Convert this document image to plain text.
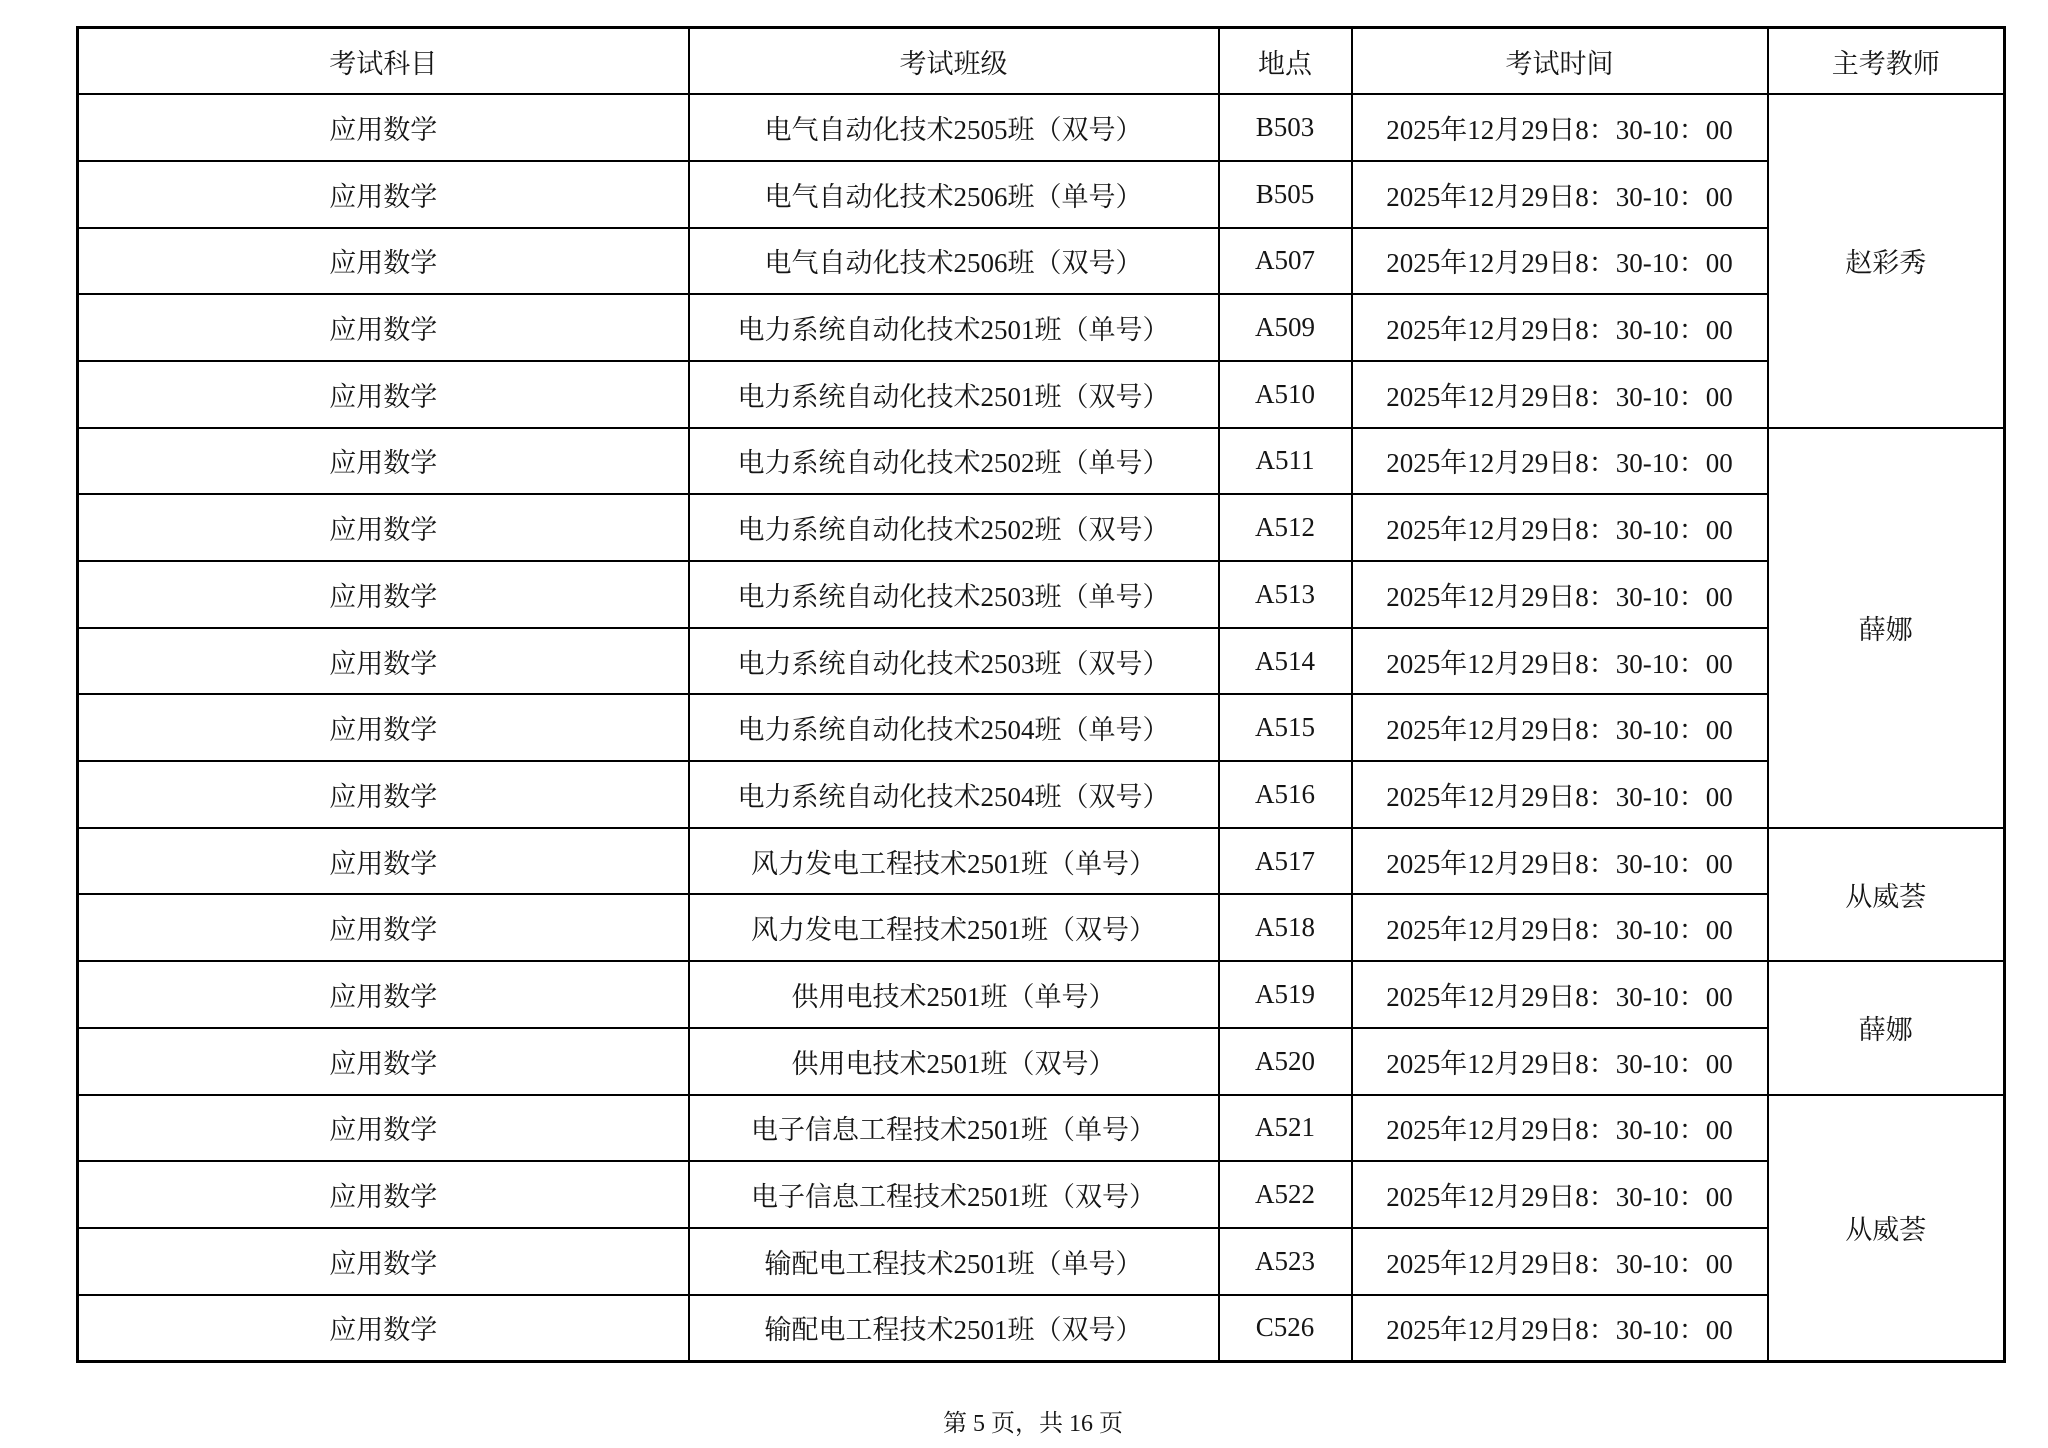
考试科目	考试班级	地点	考试时间	主考教师
应用数学	电气自动化技术2505班（双号）	B503	2025年12月29日8：30-10：00	赵彩秀
应用数学	电气自动化技术2506班（单号）	B505	2025年12月29日8：30-10：00	
应用数学	电气自动化技术2506班（双号）	A507	2025年12月29日8：30-10：00	
应用数学	电力系统自动化技术2501班（单号）	A509	2025年12月29日8：30-10：00	
应用数学	电力系统自动化技术2501班（双号）	A510	2025年12月29日8：30-10：00	
应用数学	电力系统自动化技术2502班（单号）	A511	2025年12月29日8：30-10：00	薛娜
应用数学	电力系统自动化技术2502班（双号）	A512	2025年12月29日8：30-10：00	
应用数学	电力系统自动化技术2503班（单号）	A513	2025年12月29日8：30-10：00	
应用数学	电力系统自动化技术2503班（双号）	A514	2025年12月29日8：30-10：00	
应用数学	电力系统自动化技术2504班（单号）	A515	2025年12月29日8：30-10：00	
应用数学	电力系统自动化技术2504班（双号）	A516	2025年12月29日8：30-10：00	
应用数学	风力发电工程技术2501班（单号）	A517	2025年12月29日8：30-10：00	从威荟
应用数学	风力发电工程技术2501班（双号）	A518	2025年12月29日8：30-10：00	
应用数学	供用电技术2501班（单号）	A519	2025年12月29日8：30-10：00	薛娜
应用数学	供用电技术2501班（双号）	A520	2025年12月29日8：30-10：00	
应用数学	电子信息工程技术2501班（单号）	A521	2025年12月29日8：30-10：00	从威荟
应用数学	电子信息工程技术2501班（双号）	A522	2025年12月29日8：30-10：00	
应用数学	输配电工程技术2501班（单号）	A523	2025年12月29日8：30-10：00	
应用数学	输配电工程技术2501班（双号）	C526	2025年12月29日8：30-10：00	
第 5 页，共 16 页
